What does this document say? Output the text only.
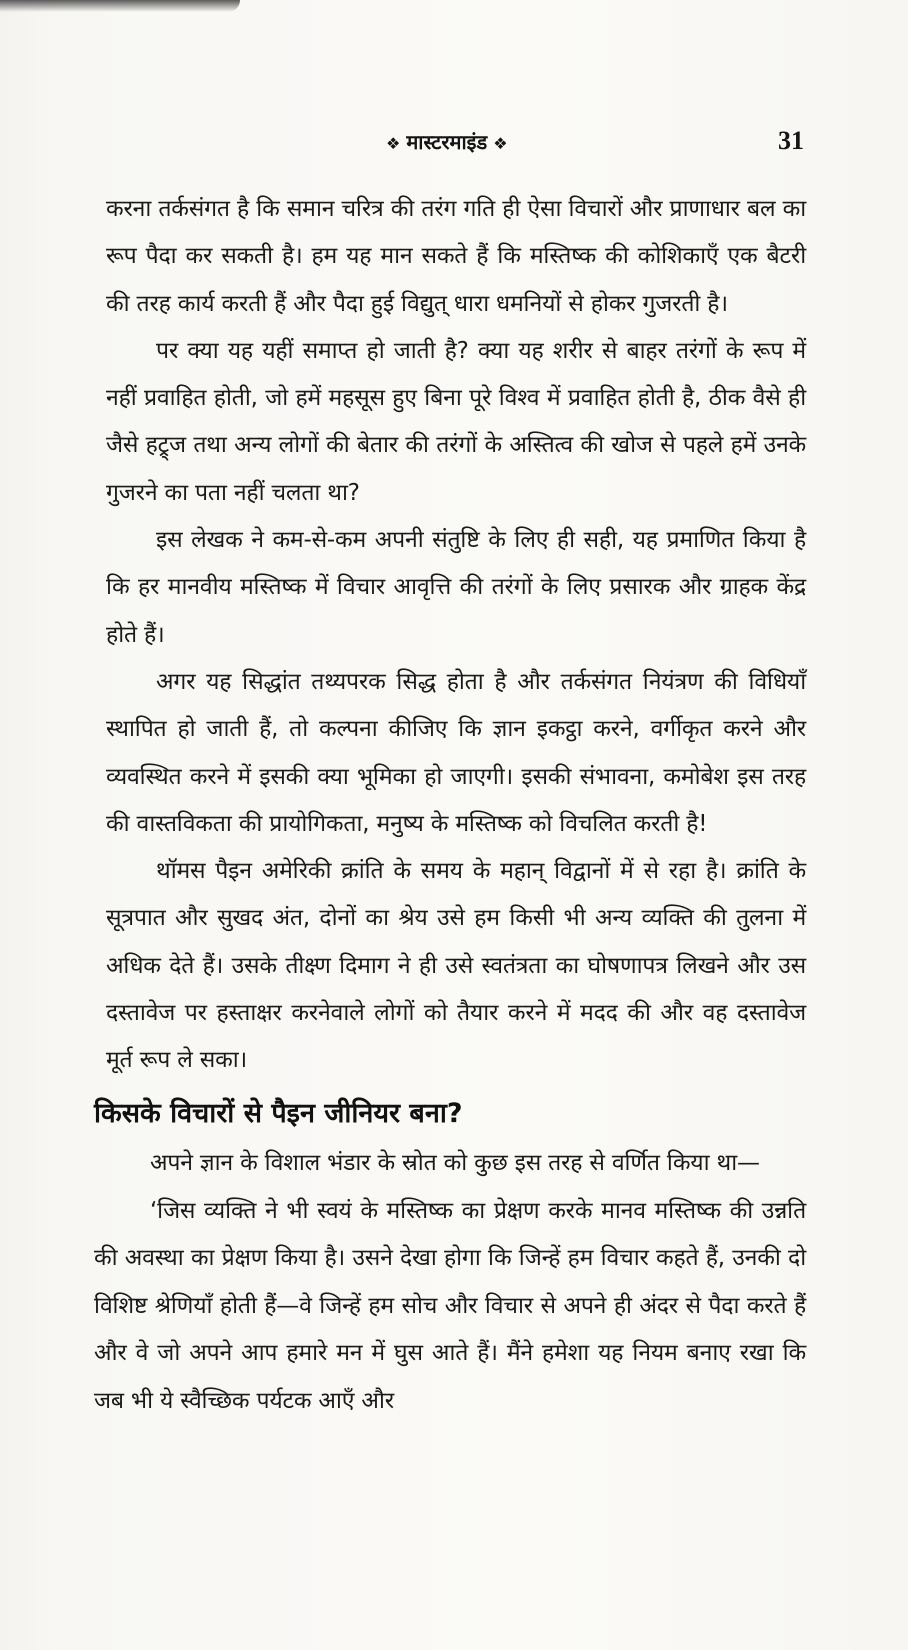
❖ मास्टरमाइंड ❖	31

करना तर्कसंगत है कि समान चरित्र की तरंग गति ही ऐसा विचारों और प्राणाधार बल का रूप पैदा कर सकती है। हम यह मान सकते हैं कि मस्तिष्क की कोशिकाएँ एक बैटरी की तरह कार्य करती हैं और पैदा हुई विद्युत् धारा धमनियों से होकर गुजरती है।

पर क्या यह यहीं समाप्त हो जाती है? क्या यह शरीर से बाहर तरंगों के रूप में नहीं प्रवाहित होती, जो हमें महसूस हुए बिना पूरे विश्व में प्रवाहित होती है, ठीक वैसे ही जैसे हट्र्ज तथा अन्य लोगों की बेतार की तरंगों के अस्तित्व की खोज से पहले हमें उनके गुजरने का पता नहीं चलता था?

इस लेखक ने कम-से-कम अपनी संतुष्टि के लिए ही सही, यह प्रमाणित किया है कि हर मानवीय मस्तिष्क में विचार आवृत्ति की तरंगों के लिए प्रसारक और ग्राहक केंद्र होते हैं।

अगर यह सिद्धांत तथ्यपरक सिद्ध होता है और तर्कसंगत नियंत्रण की विधियाँ स्थापित हो जाती हैं, तो कल्पना कीजिए कि ज्ञान इकट्ठा करने, वर्गीकृत करने और व्यवस्थित करने में इसकी क्या भूमिका हो जाएगी। इसकी संभावना, कमोबेश इस तरह की वास्तविकता की प्रायोगिकता, मनुष्य के मस्तिष्क को विचलित करती है!

थॉमस पैइन अमेरिकी क्रांति के समय के महान् विद्वानों में से रहा है। क्रांति के सूत्रपात और सुखद अंत, दोनों का श्रेय उसे हम किसी भी अन्य व्यक्ति की तुलना में अधिक देते हैं। उसके तीक्ष्ण दिमाग ने ही उसे स्वतंत्रता का घोषणापत्र लिखने और उस दस्तावेज पर हस्ताक्षर करनेवाले लोगों को तैयार करने में मदद की और वह दस्तावेज मूर्त रूप ले सका।

किसके विचारों से पैइन जीनियर बना?

अपने ज्ञान के विशाल भंडार के स्रोत को कुछ इस तरह से वर्णित किया था—

‘जिस व्यक्ति ने भी स्वयं के मस्तिष्क का प्रेक्षण करके मानव मस्तिष्क की उन्नति की अवस्था का प्रेक्षण किया है। उसने देखा होगा कि जिन्हें हम विचार कहते हैं, उनकी दो विशिष्ट श्रेणियाँ होती हैं—वे जिन्हें हम सोच और विचार से अपने ही अंदर से पैदा करते हैं और वे जो अपने आप हमारे मन में घुस आते हैं। मैंने हमेशा यह नियम बनाए रखा कि जब भी ये स्वैच्छिक पर्यटक आएँ और
